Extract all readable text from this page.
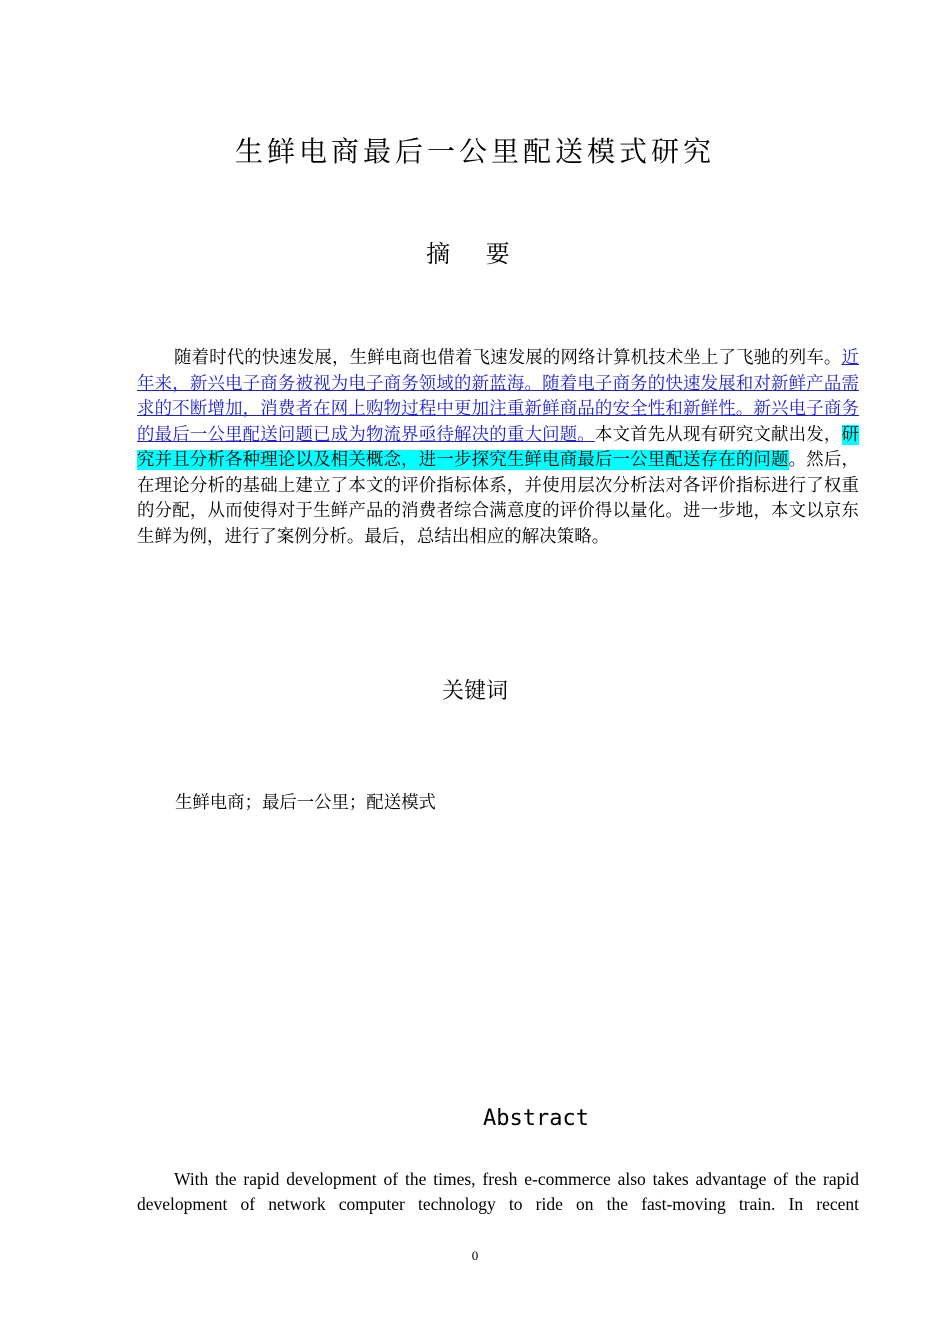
生鲜电商最后一公里配送模式研究
摘 要

随着时代的快速发展，生鲜电商也借着飞速发展的网络计算机技术坐上了飞驰的列车。近年来，新兴电子商务被视为电子商务领域的新蓝海。随着电子商务的快速发展和对新鲜产品需求的不断增加，消费者在网上购物过程中更加注重新鲜商品的安全性和新鲜性。新兴电子商务的最后一公里配送问题已成为物流界亟待解决的重大问题。本文首先从现有研究文献出发，研究并且分析各种理论以及相关概念，进一步探究生鲜电商最后一公里配送存在的问题。然后，在理论分析的基础上建立了本文的评价指标体系，并使用层次分析法对各评价指标进行了权重的分配，从而使得对于生鲜产品的消费者综合满意度的评价得以量化。进一步地，本文以京东生鲜为例，进行了案例分析。最后，总结出相应的解决策略。

关键词

生鲜电商；最后一公里；配送模式

Abstract

With the rapid development of the times, fresh e-commerce also takes advantage of the rapid development of network computer technology to ride on the fast-moving train. In recent

0
